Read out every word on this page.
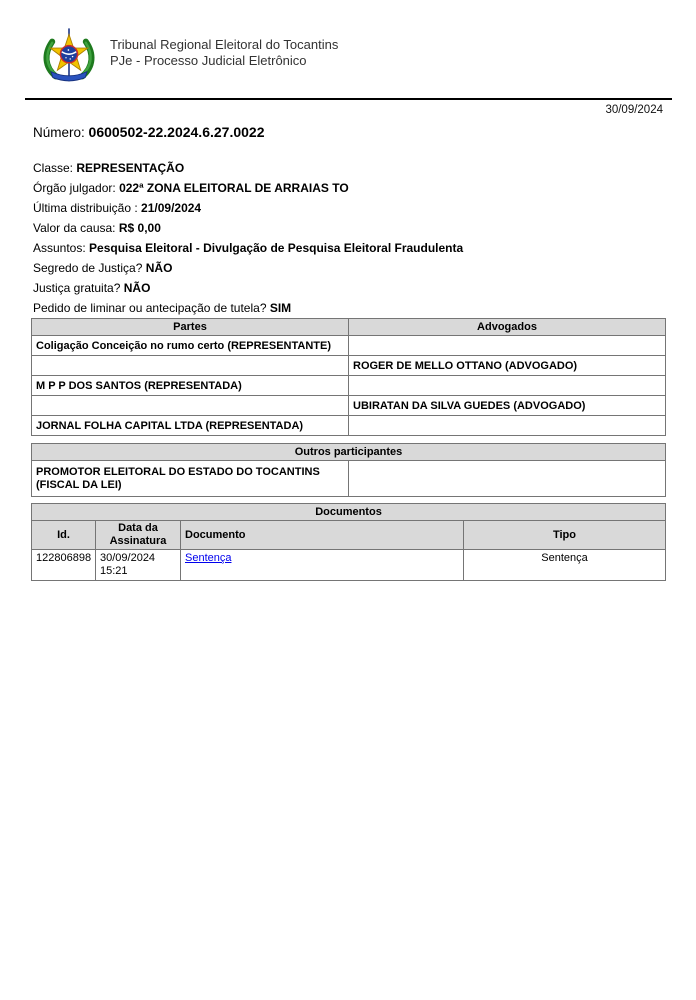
Tribunal Regional Eleitoral do Tocantins
PJe - Processo Judicial Eletrônico
30/09/2024
Número: 0600502-22.2024.6.27.0022
Classe: REPRESENTAÇÃO
Órgão julgador: 022ª ZONA ELEITORAL DE ARRAIAS TO
Última distribuição : 21/09/2024
Valor da causa: R$ 0,00
Assuntos: Pesquisa Eleitoral - Divulgação de Pesquisa Eleitoral Fraudulenta
Segredo de Justiça? NÃO
Justiça gratuita? NÃO
Pedido de liminar ou antecipação de tutela? SIM
Partes	Advogados
Coligação Conceição no rumo certo (REPRESENTANTE)	
	ROGER DE MELLO OTTANO (ADVOGADO)
M P P DOS SANTOS (REPRESENTADA)	
	UBIRATAN DA SILVA GUEDES (ADVOGADO)
JORNAL FOLHA CAPITAL LTDA (REPRESENTADA)	
Outros participantes
PROMOTOR ELEITORAL DO ESTADO DO TOCANTINS (FISCAL DA LEI)	
Documentos			
Id.	Data da Assinatura	Documento	Tipo
122806898	30/09/2024 15:21	Sentença	Sentença
